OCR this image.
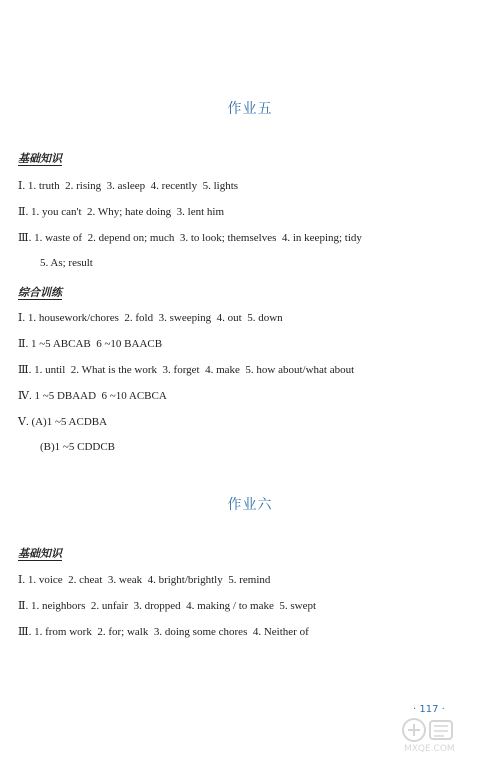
作业五
基础知识
Ⅰ. 1. truth  2. rising  3. asleep  4. recently  5. lights
Ⅱ. 1. you can't  2. Why; hate doing  3. lent him
Ⅲ. 1. waste of  2. depend on; much  3. to look; themselves  4. in keeping; tidy
5. As; result
综合训练
Ⅰ. 1. housework/chores  2. fold  3. sweeping  4. out  5. down
Ⅱ. 1 ~5 ABCAB  6 ~10 BAACB
Ⅲ. 1. until  2. What is the work  3. forget  4. make  5. how about/what about
Ⅳ. 1 ~5 DBAAD  6 ~10 ACBCA
Ⅴ. (A)1 ~5 ACDBA
(B)1 ~5 CDDCB
作业六
基础知识
Ⅰ. 1. voice  2. cheat  3. weak  4. bright/brightly  5. remind
Ⅱ. 1. neighbors  2. unfair  3. dropped  4. making / to make  5. swept
Ⅲ. 1. from work  2. for; walk  3. doing some chores  4. Neither of
· 117 ·
MXQE.COM
